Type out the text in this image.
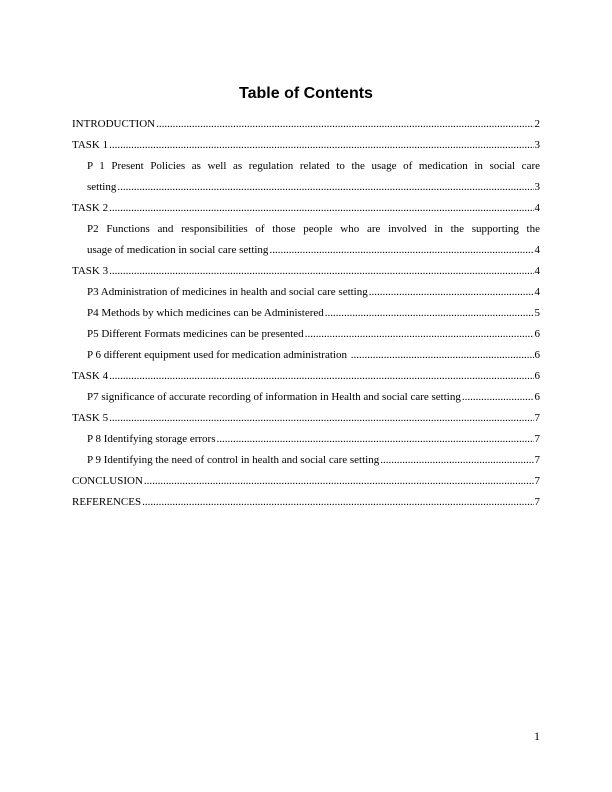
Table of Contents
INTRODUCTION .....	2
TASK 1 .....	3
P 1 Present Policies as well as regulation related to the usage of medication in social care
setting .....	3
TASK 2 .....	4
P2 Functions and responsibilities of those people who are involved in the supporting the
usage of medication in social care setting .....	4
TASK 3 .....	4
P3 Administration of medicines in health and social care setting .....	4
P4 Methods by which medicines can be Administered .....	5
P5 Different Formats medicines can be presented .....	6
P 6 different equipment used for medication administration .....	6
TASK 4 .....	6
P7 significance of accurate recording of information in Health and social care setting .....	6
TASK 5 .....	7
P 8 Identifying storage errors .....	7
P 9 Identifying the need of control in health and social care setting .....	7
CONCLUSION .....	7
REFERENCES .....	7
1
